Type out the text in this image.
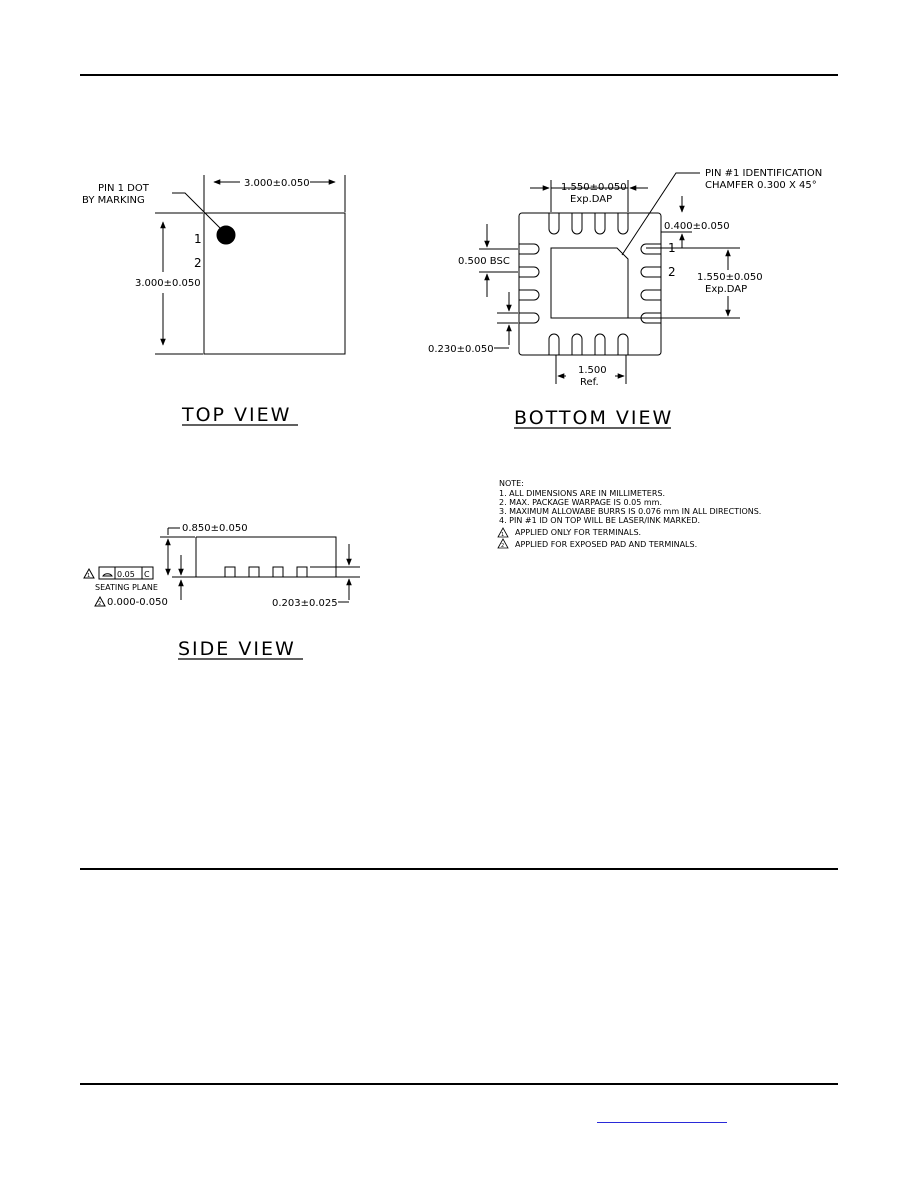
PIN 1 DOT
BY MARKING
3.000±0.050
3.000±0.050
1
2
TOP VIEW
PIN #1 IDENTIFICATION
CHAMFER 0.300 X 45°
1.550±0.050
Exp.DAP
0.400±0.050
0.500 BSC
1.550±0.050
Exp.DAP
0.230±0.050
1.500
Ref.
1
2
BOTTOM VIEW
NOTE:
1. ALL DIMENSIONS ARE IN MILLIMETERS.
2. MAX. PACKAGE WARPAGE IS 0.05 mm.
3. MAXIMUM ALLOWABE BURRS IS 0.076 mm IN ALL DIRECTIONS.
4. PIN #1 ID ON TOP WILL BE LASER/INK MARKED.
1
2
APPLIED ONLY FOR TERMINALS.
APPLIED FOR EXPOSED PAD AND TERMINALS.
0.850±0.050
0.05 C
SEATING PLANE
0.000-0.050	0.203±0.025
1
2
SIDE VIEW
